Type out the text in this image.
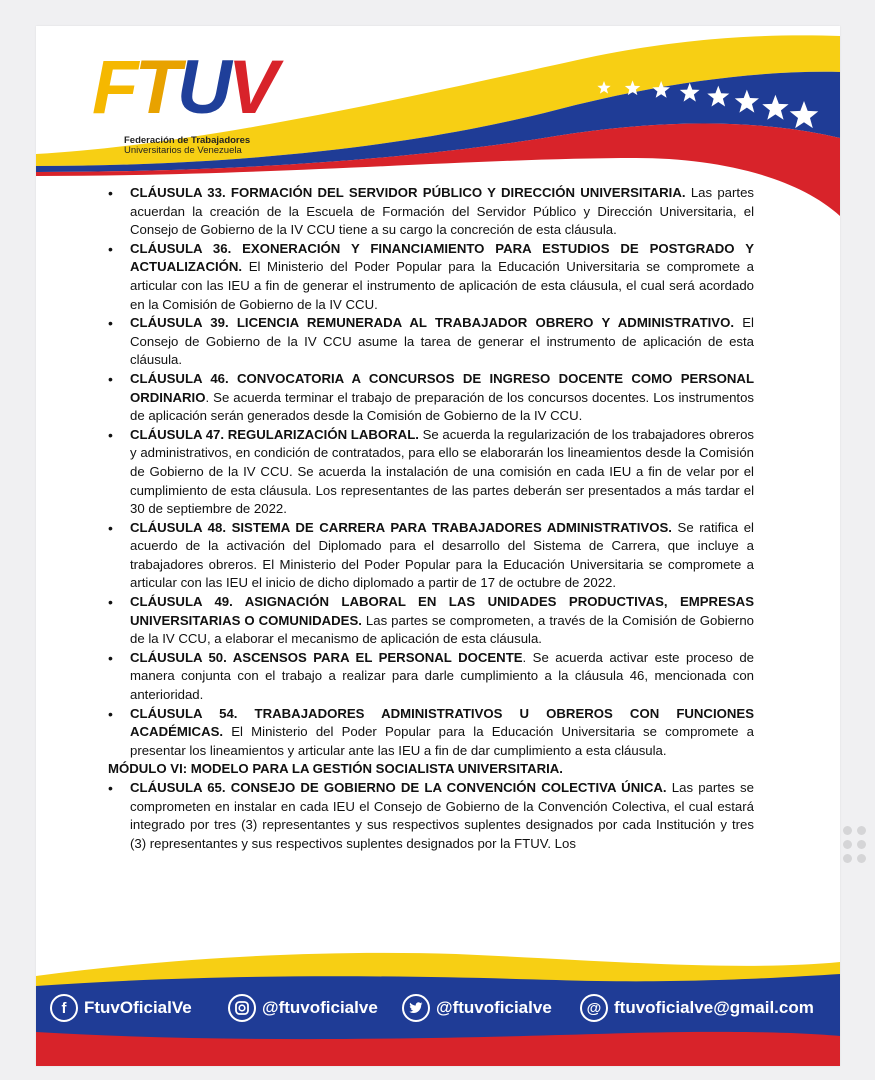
FTUV
Federación de Trabajadores
Universitarios de Venezuela
• CLÁUSULA 33. FORMACIÓN DEL SERVIDOR PÚBLICO Y DIRECCIÓN UNIVERSITARIA. Las partes acuerdan la creación de la Escuela de Formación del Servidor Público y Dirección Universitaria, el Consejo de Gobierno de la IV CCU tiene a su cargo la concreción de esta cláusula.
• CLÁUSULA 36. EXONERACIÓN Y FINANCIAMIENTO PARA ESTUDIOS DE POSTGRADO Y ACTUALIZACIÓN. El Ministerio del Poder Popular para la Educación Universitaria se compromete a articular con las IEU a fin de generar el instrumento de aplicación de esta cláusula, el cual será acordado en la Comisión de Gobierno de la IV CCU.
• CLÁUSULA 39. LICENCIA REMUNERADA AL TRABAJADOR OBRERO Y ADMINISTRATIVO. El Consejo de Gobierno de la IV CCU asume la tarea de generar el instrumento de aplicación de esta cláusula.
• CLÁUSULA 46. CONVOCATORIA A CONCURSOS DE INGRESO DOCENTE COMO PERSONAL ORDINARIO. Se acuerda terminar el trabajo de preparación de los concursos docentes. Los instrumentos de aplicación serán generados desde la Comisión de Gobierno de la IV CCU.
• CLÁUSULA 47. REGULARIZACIÓN LABORAL. Se acuerda la regularización de los trabajadores obreros y administrativos, en condición de contratados, para ello se elaborarán los lineamientos desde la Comisión de Gobierno de la IV CCU. Se acuerda la instalación de una comisión en cada IEU a fin de velar por el cumplimiento de esta cláusula. Los representantes de las partes deberán ser presentados a más tardar el 30 de septiembre de 2022.
• CLÁUSULA 48. SISTEMA DE CARRERA PARA TRABAJADORES ADMINISTRATIVOS. Se ratifica el acuerdo de la activación del Diplomado para el desarrollo del Sistema de Carrera, que incluye a trabajadores obreros. El Ministerio del Poder Popular para la Educación Universitaria se compromete a articular con las IEU el inicio de dicho diplomado a partir de 17 de octubre de 2022.
• CLÁUSULA 49. ASIGNACIÓN LABORAL EN LAS UNIDADES PRODUCTIVAS, EMPRESAS UNIVERSITARIAS O COMUNIDADES. Las partes se comprometen, a través de la Comisión de Gobierno de la IV CCU, a elaborar el mecanismo de aplicación de esta cláusula.
• CLÁUSULA 50. ASCENSOS PARA EL PERSONAL DOCENTE. Se acuerda activar este proceso de manera conjunta con el trabajo a realizar para darle cumplimiento a la cláusula 46, mencionada con anterioridad.
• CLÁUSULA 54. TRABAJADORES ADMINISTRATIVOS U OBREROS CON FUNCIONES ACADÉMICAS. El Ministerio del Poder Popular para la Educación Universitaria se compromete a presentar los lineamientos y articular ante las IEU a fin de dar cumplimiento a esta cláusula.
MÓDULO VI: MODELO PARA LA GESTIÓN SOCIALISTA UNIVERSITARIA.
• CLÁUSULA 65. CONSEJO DE GOBIERNO DE LA CONVENCIÓN COLECTIVA ÚNICA. Las partes se comprometen en instalar en cada IEU el Consejo de Gobierno de la Convención Colectiva, el cual estará integrado por tres (3) representantes y sus respectivos suplentes designados por cada Institución y tres (3) representantes y sus respectivos suplentes designados por la FTUV. Los
f	FtuvOficialVe	@ftuvoficialve	@ftuvoficialve	@ ftuvoficialve@gmail.com
